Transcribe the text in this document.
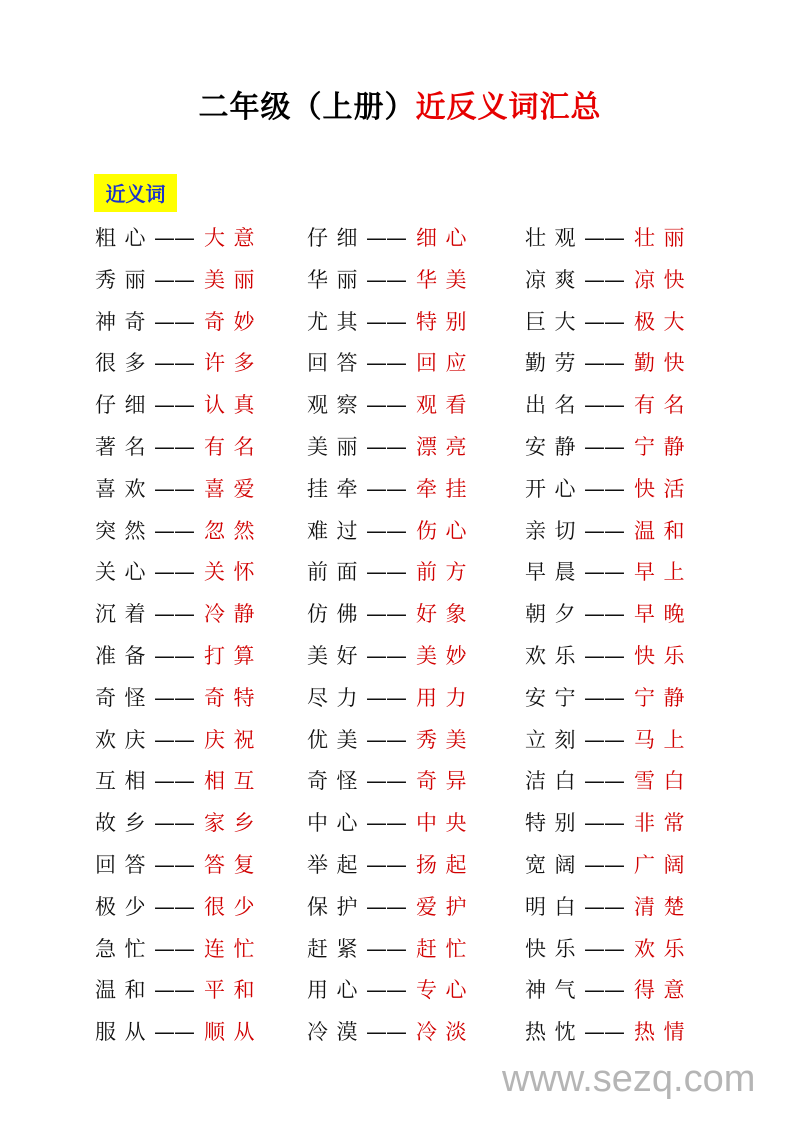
二年级（上册）近反义词汇总
近义词
粗心—— 大意 仔细—— 细心 壮观—— 壮丽
秀丽—— 美丽 华丽—— 华美 凉爽—— 凉快
神奇—— 奇妙 尤其—— 特别 巨大—— 极大
很多—— 许多 回答—— 回应 勤劳—— 勤快
仔细—— 认真 观察—— 观看 出名—— 有名
著名—— 有名 美丽—— 漂亮 安静—— 宁静
喜欢—— 喜爱 挂牵—— 牵挂 开心—— 快活
突然—— 忽然 难过—— 伤心 亲切—— 温和
关心—— 关怀 前面—— 前方 早晨—— 早上
沉着—— 冷静 仿佛—— 好象 朝夕—— 早晚
准备—— 打算 美好—— 美妙 欢乐—— 快乐
奇怪—— 奇特 尽力—— 用力 安宁—— 宁静
欢庆—— 庆祝 优美—— 秀美 立刻—— 马上
互相—— 相互 奇怪—— 奇异 洁白—— 雪白
故乡—— 家乡 中心—— 中央 特别—— 非常
回答—— 答复 举起—— 扬起 宽阔—— 广阔
极少—— 很少 保护—— 爱护 明白—— 清楚
急忙—— 连忙 赶紧—— 赶忙 快乐—— 欢乐
温和—— 平和 用心—— 专心 神气—— 得意
服从—— 顺从 冷漠—— 冷淡 热忱—— 热情
www.sezq.com
